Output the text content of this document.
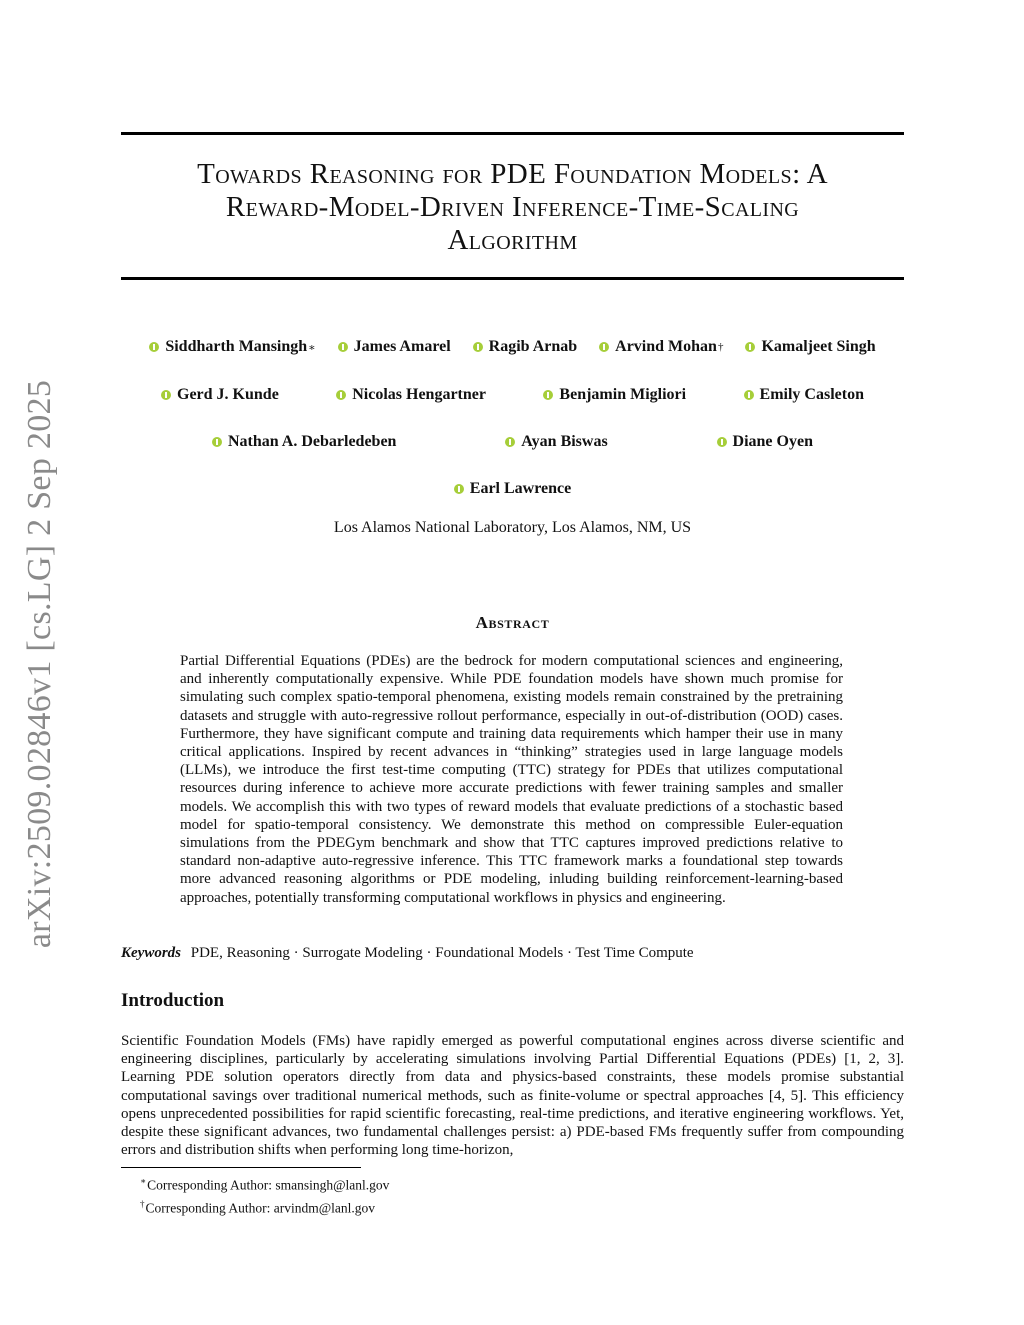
arXiv:2509.02846v1 [cs.LG] 2 Sep 2025
Towards Reasoning for PDE Foundation Models: A
Reward-Model-Driven Inference-Time-Scaling
Algorithm
Siddharth Mansingh ∗ James Amarel Ragib Arnab Arvind Mohan † Kamaljeet Singh
Gerd J. Kunde	Nicolas Hengartner	Benjamin Migliori	Emily Casleton
Nathan A. Debarledeben	Ayan Biswas	Diane Oyen
Earl Lawrence
Los Alamos National Laboratory, Los Alamos, NM, US
Abstract

Partial Differential Equations (PDEs) are the bedrock for modern computational sciences and engineering, and inherently computationally expensive. While PDE foundation models have shown much promise for simulating such complex spatio-temporal phenomena, existing models remain constrained by the pretraining datasets and struggle with auto-regressive rollout performance, especially in out-of-distribution (OOD) cases. Furthermore, they have significant compute and training data requirements which hamper their use in many critical applications. Inspired by recent advances in “thinking” strategies used in large language models (LLMs), we introduce the first test-time computing (TTC) strategy for PDEs that utilizes computational resources during inference to achieve more accurate predictions with fewer training samples and smaller models. We accomplish this with two types of reward models that evaluate predictions of a stochastic based model for spatio-temporal consistency. We demonstrate this method on compressible Euler-equation simulations from the PDEGym benchmark and show that TTC captures improved predictions relative to standard non-adaptive auto-regressive inference. This TTC framework marks a foundational step towards more advanced reasoning algorithms or PDE modeling, inluding building reinforcement-learning-based approaches, potentially transforming computational workflows in physics and engineering.

Keywords PDE, Reasoning · Surrogate Modeling · Foundational Models · Test Time Compute
Introduction

Scientific Foundation Models (FMs) have rapidly emerged as powerful computational engines across diverse scientific and engineering disciplines, particularly by accelerating simulations involving Partial Differential Equations (PDEs) [1, 2, 3]. Learning PDE solution operators directly from data and physics-based constraints, these models promise substantial computational savings over traditional numerical methods, such as finite-volume or spectral approaches [4, 5]. This efficiency opens unprecedented possibilities for rapid scientific forecasting, real-time predictions, and iterative engineering workflows. Yet, despite these significant advances, two fundamental challenges persist: a) PDE-based FMs frequently suffer from compounding errors and distribution shifts when performing long time-horizon,

∗Corresponding Author: smansingh@lanl.gov
†Corresponding Author: arvindm@lanl.gov
